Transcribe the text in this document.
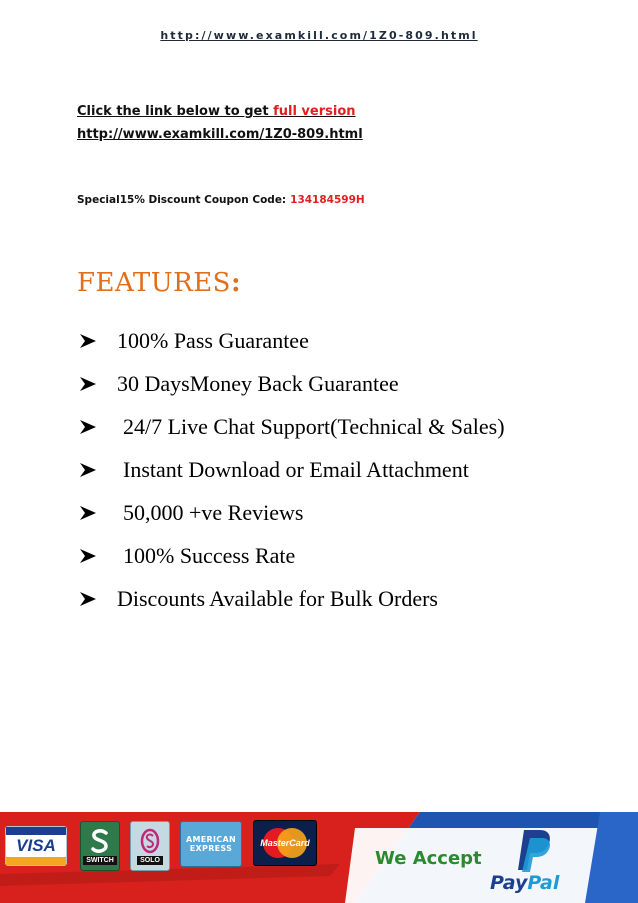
http://www.examkill.com/1Z0-809.html
Click the link below to get full version
http://www.examkill.com/1Z0-809.html
Special15% Discount Coupon Code: 134184599H
FEATURES:
100% Pass Guarantee
30 DaysMoney Back Guarantee
24/7 Live Chat Support(Technical & Sales)
Instant Download or Email Attachment
50,000 +ve Reviews
100% Success Rate
Discounts Available for Bulk Orders
VISA
SWITCH	SOLO
AMERICAN
EXPRESS
MasterCard
We Accept
PayPal
